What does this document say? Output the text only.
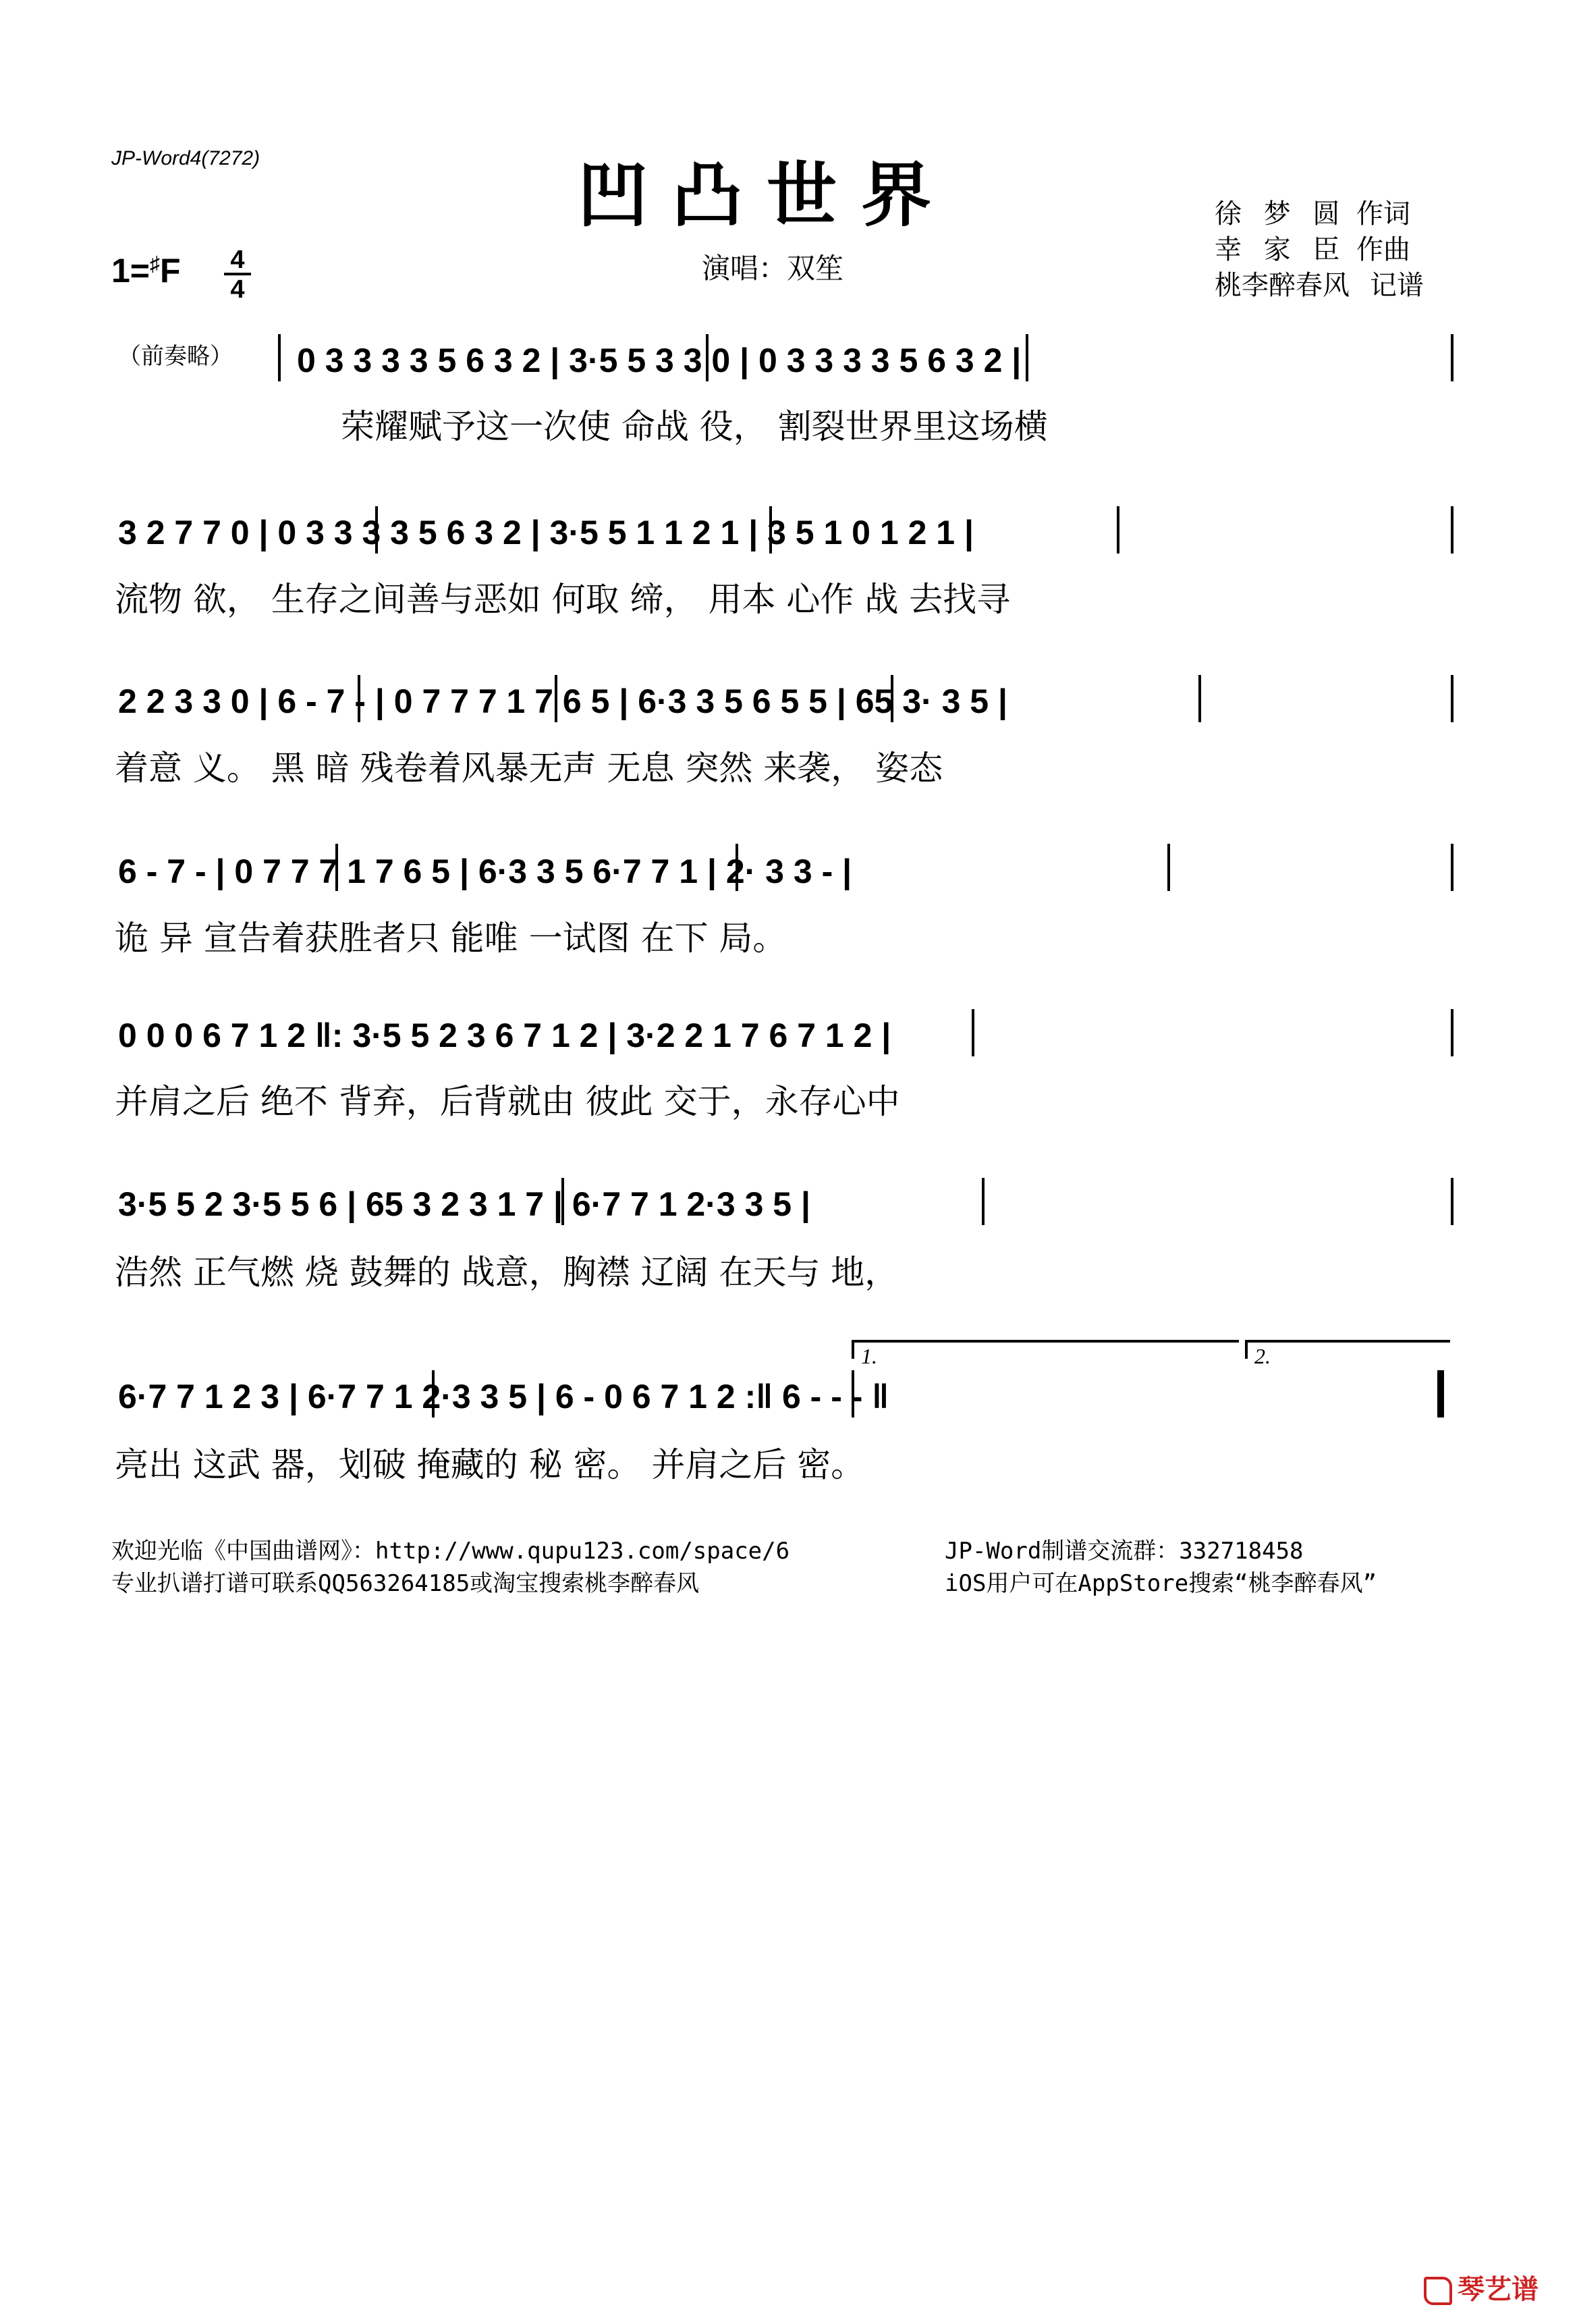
JP-Word4(7272)	凹凸世界	徐 梦 圆 作词
幸 家 臣 作曲
桃李醉春风 记谱
1=♯F 4
4
演唱：双笙
（前奏略） 0 3 3 3 3 5 6 3 2 | 3·5 5 3 3 0 | 0 3 3 3 3 5 6 3 2 |
荣耀赋予这一次使 命战 役， 割裂世界里这场横
3 2 7 7 0 | 0 3 3 3 3 5 6 3 2 | 3·5 5 1 1 2 1 | 3 5 1 0 1 2 1 |
流物 欲， 生存之间善与恶如 何取 缔， 用本 心作 战 去找寻
2 2 3 3 0 | 6 - 7 - | 0 7 7 7 1 7 6 5 | 6·3 3 5 6 5 5 | 65 3· 3 5 |
着意 义。 黑 暗 残卷着风暴无声 无息 突然 来袭， 姿态
6 - 7 - | 0 7 7 7 1 7 6 5 | 6·3 3 5 6·7 7 1 | 2· 3 3 - |
诡 异 宣告着获胜者只 能唯 一试图 在下 局。
0 0 0 6 7 1 2 ‖: 3·5 5 2 3 6 7 1 2 | 3·2 2 1 7 6 7 1 2 |
并肩之后 绝不 背弃，后背就由 彼此 交于，永存心中
3·5 5 2 3·5 5 6 | 65 3 2 3 1 7 | 6·7 7 1 2·3 3 5 |
浩然 正气燃 烧 鼓舞的 战意，胸襟 辽阔 在天与 地，
1.	2.
6·7 7 1 2 3 | 6·7 7 1 2·3 3 5 | 6 - 0 6 7 1 2 :‖ 6 - - - ‖
亮出 这武 器，划破 掩藏的 秘 密。 并肩之后 密。
欢迎光临《中国曲谱网》：http://www.qupu123.com/space/6
专业扒谱打谱可联系QQ563264185或淘宝搜索桃李醉春风
JP-Word制谱交流群：332718458
iOS用户可在AppStore搜索“桃李醉春风”
琴艺谱
